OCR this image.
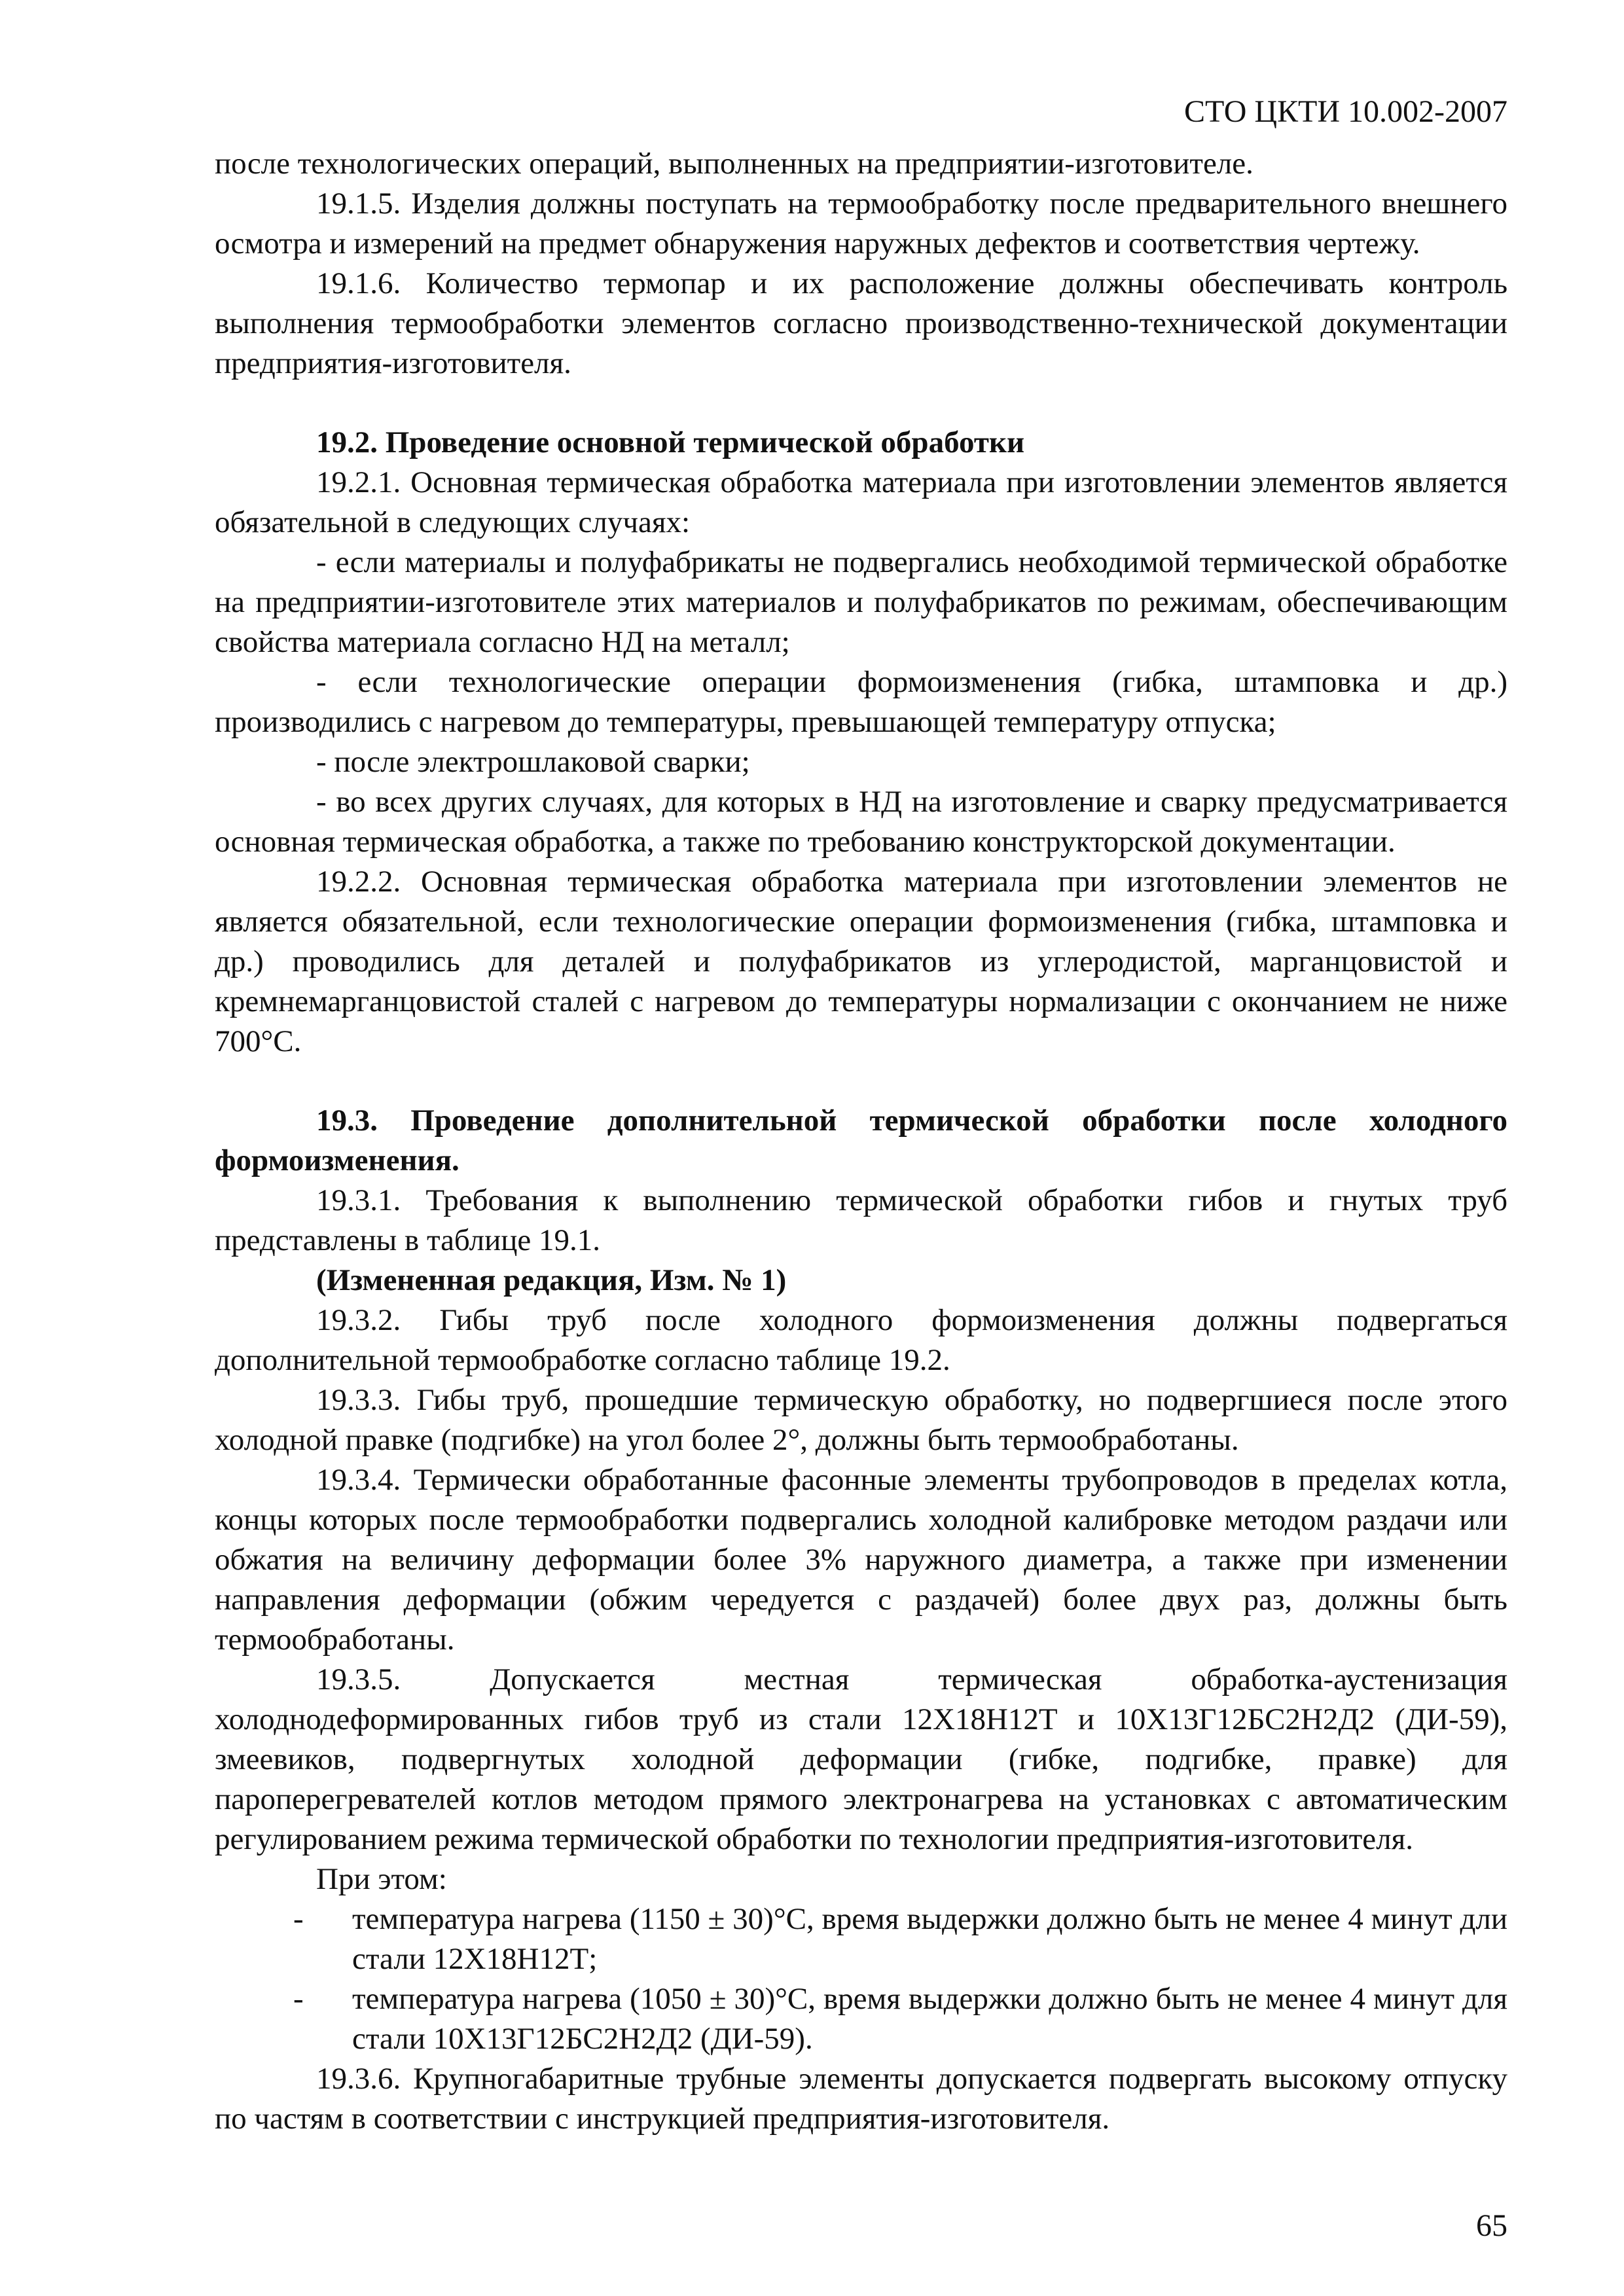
СТО ЦКТИ 10.002-2007

после технологических операций, выполненных на предприятии-изготовителе.

19.1.5. Изделия должны поступать на термообработку после предварительного внешнего осмотра и измерений на предмет обнаружения наружных дефектов и соответствия чертежу.

19.1.6. Количество термопар и их расположение должны обеспечивать контроль выполнения термообработки элементов согласно производственно-технической документации предприятия-изготовителя.

19.2. Проведение основной термической обработки

19.2.1. Основная термическая обработка материала при изготовлении элементов является обязательной в следующих случаях:

- если материалы и полуфабрикаты не подвергались необходимой термической обработке на предприятии-изготовителе этих материалов и полуфабрикатов по режимам, обеспечивающим свойства материала согласно НД на металл;

- если технологические операции формоизменения (гибка, штамповка и др.) производились с нагревом до температуры, превышающей температуру отпуска;

- после электрошлаковой сварки;

- во всех других случаях, для которых в НД на изготовление и сварку предусматривается основная термическая обработка, а также по требованию конструкторской документации.

19.2.2. Основная термическая обработка материала при изготовлении элементов не является обязательной, если технологические операции формоизменения (гибка, штамповка и др.) проводились для деталей и полуфабрикатов из углеродистой, марганцовистой и кремнемарганцовистой сталей с нагревом до температуры нормализации с окончанием не ниже 700°С.

19.3. Проведение дополнительной термической обработки после холодного формоизменения.

19.3.1. Требования к выполнению термической обработки гибов и гнутых труб представлены в таблице 19.1.

(Измененная редакция, Изм. № 1)

19.3.2. Гибы труб после холодного формоизменения должны подвергаться дополнительной термообработке согласно таблице 19.2.

19.3.3. Гибы труб, прошедшие термическую обработку, но подвергшиеся после этого холодной правке (подгибке) на угол более 2°, должны быть термообработаны.

19.3.4. Термически обработанные фасонные элементы трубопроводов в пределах котла, концы которых после термообработки подвергались холодной калибровке методом раздачи или обжатия на величину деформации более 3% наружного диаметра, а также при изменении направления деформации (обжим чередуется с раздачей) более двух раз, должны быть термообработаны.

19.3.5. Допускается местная термическая обработка-аустенизация холоднодеформированных гибов труб из стали 12Х18Н12Т и 10Х13Г12БС2Н2Д2 (ДИ-59), змеевиков, подвергнутых холодной деформации (гибке, подгибке, правке) для пароперегревателей котлов методом прямого электронагрева на установках с автоматическим регулированием режима термической обработки по технологии предприятия-изготовителя.

При этом:

-	температура нагрева (1150 ± 30)°С, время выдержки должно быть не менее 4 минут дли стали 12Х18Н12Т;
-	температура нагрева (1050 ± 30)°С, время выдержки должно быть не менее 4 минут для стали 10Х13Г12БС2Н2Д2 (ДИ-59).

19.3.6. Крупногабаритные трубные элементы допускается подвергать высокому отпуску по частям в соответствии с инструкцией предприятия-изготовителя.

65
